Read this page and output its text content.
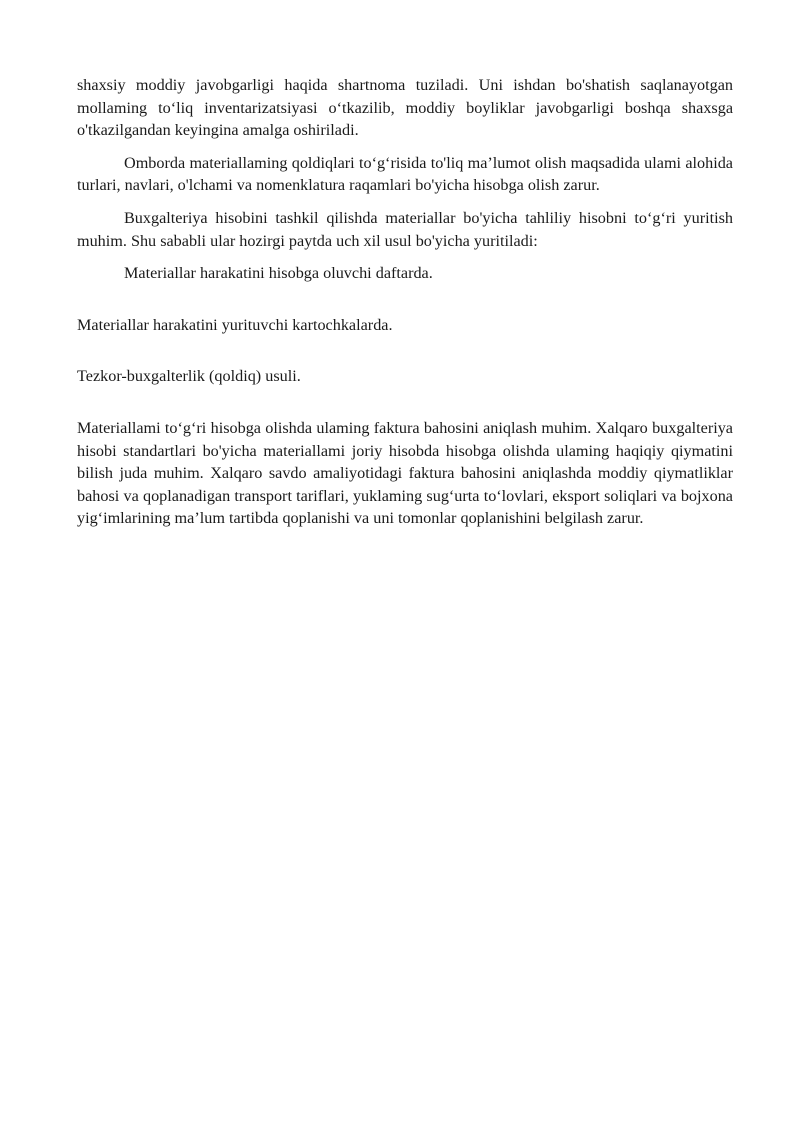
shaxsiy moddiy javobgarligi haqida shartnoma tuziladi. Uni ishdan bo'shatish saqlanayotgan mollaming to‘liq inventarizatsiyasi o‘tkazilib, moddiy boyliklar javobgarligi boshqa shaxsga o'tkazilgandan keyingina amalga oshiriladi.

Omborda materiallaming qoldiqlari to‘g‘risida to'liq ma’lumot olish maqsadida ulami alohida turlari, navlari, o'lchami va nomenklatura raqamlari bo'yicha hisobga olish zarur.

Buxgalteriya hisobini tashkil qilishda materiallar bo'yicha tahliliy hisobni to‘g‘ri yuritish muhim. Shu sababli ular hozirgi paytda uch xil usul bo'yicha yuritiladi:

Materiallar harakatini hisobga oluvchi daftarda.

Materiallar harakatini yurituvchi kartochkalarda.

Tezkor-buxgalterlik (qoldiq) usuli.

Materiallami to‘g‘ri hisobga olishda ulaming faktura bahosini aniqlash muhim. Xalqaro buxgalteriya hisobi standartlari bo'yicha materiallami joriy hisobda hisobga olishda ulaming haqiqiy qiymatini bilish juda muhim. Xalqaro savdo amaliyotidagi faktura bahosini aniqlashda moddiy qiymatliklar bahosi va qoplanadigan transport tariflari, yuklaming sug‘urta to‘lovlari, eksport soliqlari va bojxona yig‘imlarining ma’lum tartibda qoplanishi va uni tomonlar qoplanishini belgilash zarur.
